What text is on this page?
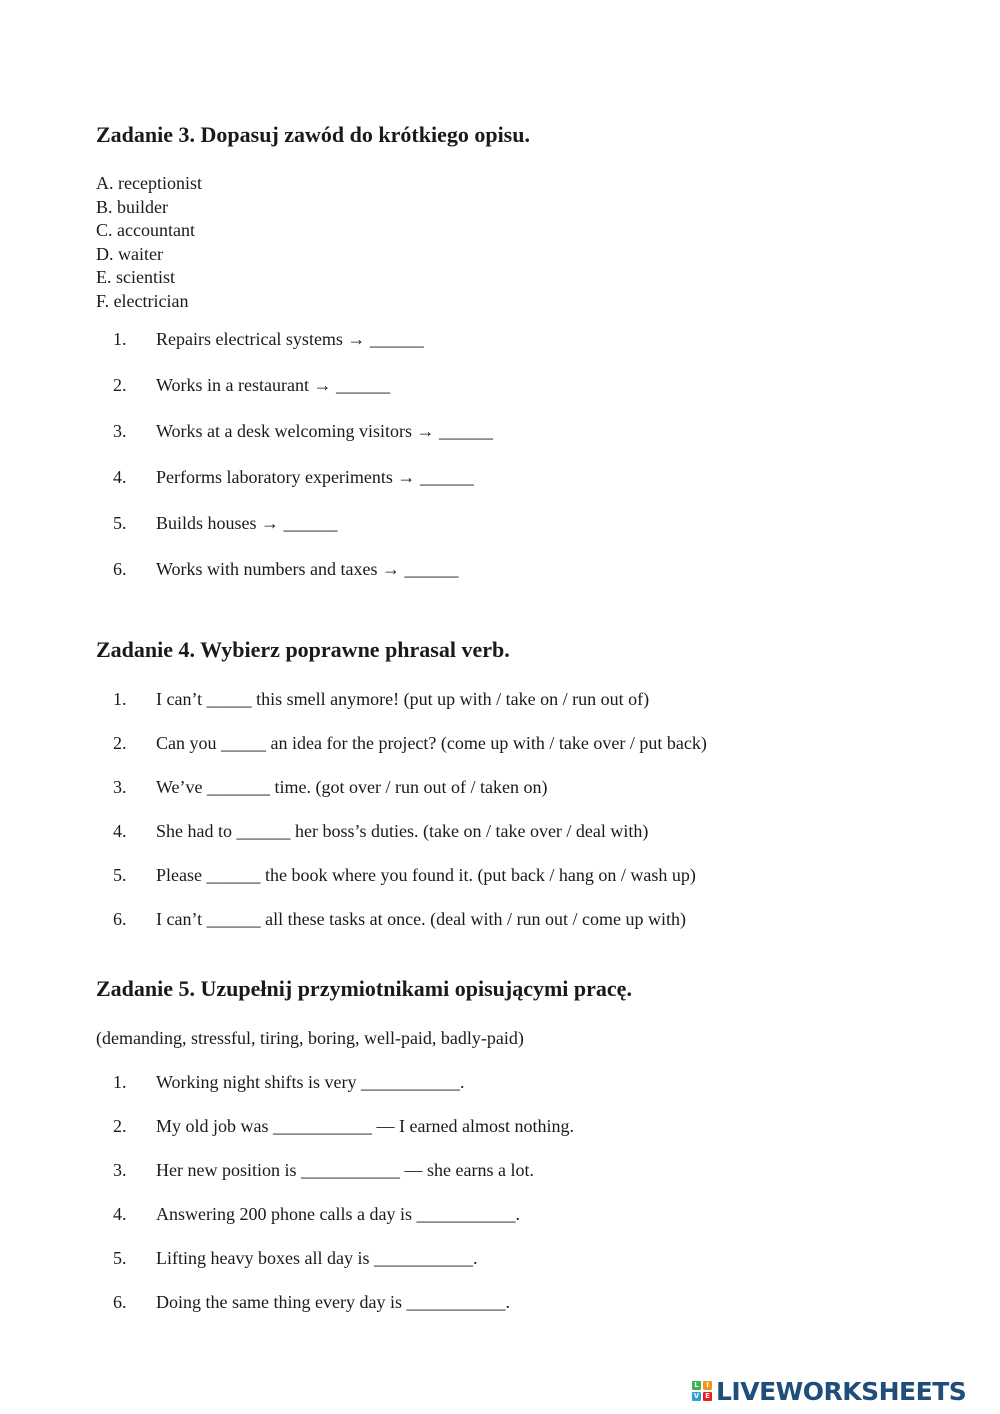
Zadanie 3. Dopasuj zawód do krótkiego opisu.
A. receptionist
B. builder
C. accountant
D. waiter
E. scientist
F. electrician
1. Repairs electrical systems → ______
2. Works in a restaurant → ______
3. Works at a desk welcoming visitors → ______
4. Performs laboratory experiments → ______
5. Builds houses → ______
6. Works with numbers and taxes → ______
Zadanie 4. Wybierz poprawne phrasal verb.
1. I can’t _____ this smell anymore! (put up with / take on / run out of)
2. Can you _____ an idea for the project? (come up with / take over / put back)
3. We’ve _______ time. (got over / run out of / taken on)
4. She had to ______ her boss’s duties. (take on / take over / deal with)
5. Please ______ the book where you found it. (put back / hang on / wash up)
6. I can’t ______ all these tasks at once. (deal with / run out / come up with)
Zadanie 5. Uzupełnij przymiotnikami opisującymi pracę.
(demanding, stressful, tiring, boring, well-paid, badly-paid)
1. Working night shifts is very ___________.
2. My old job was ___________ — I earned almost nothing.
3. Her new position is ___________ — she earns a lot.
4. Answering 200 phone calls a day is ___________.
5. Lifting heavy boxes all day is ___________.
6. Doing the same thing every day is ___________.
L	I
V E LIVEWORKSHEETS
